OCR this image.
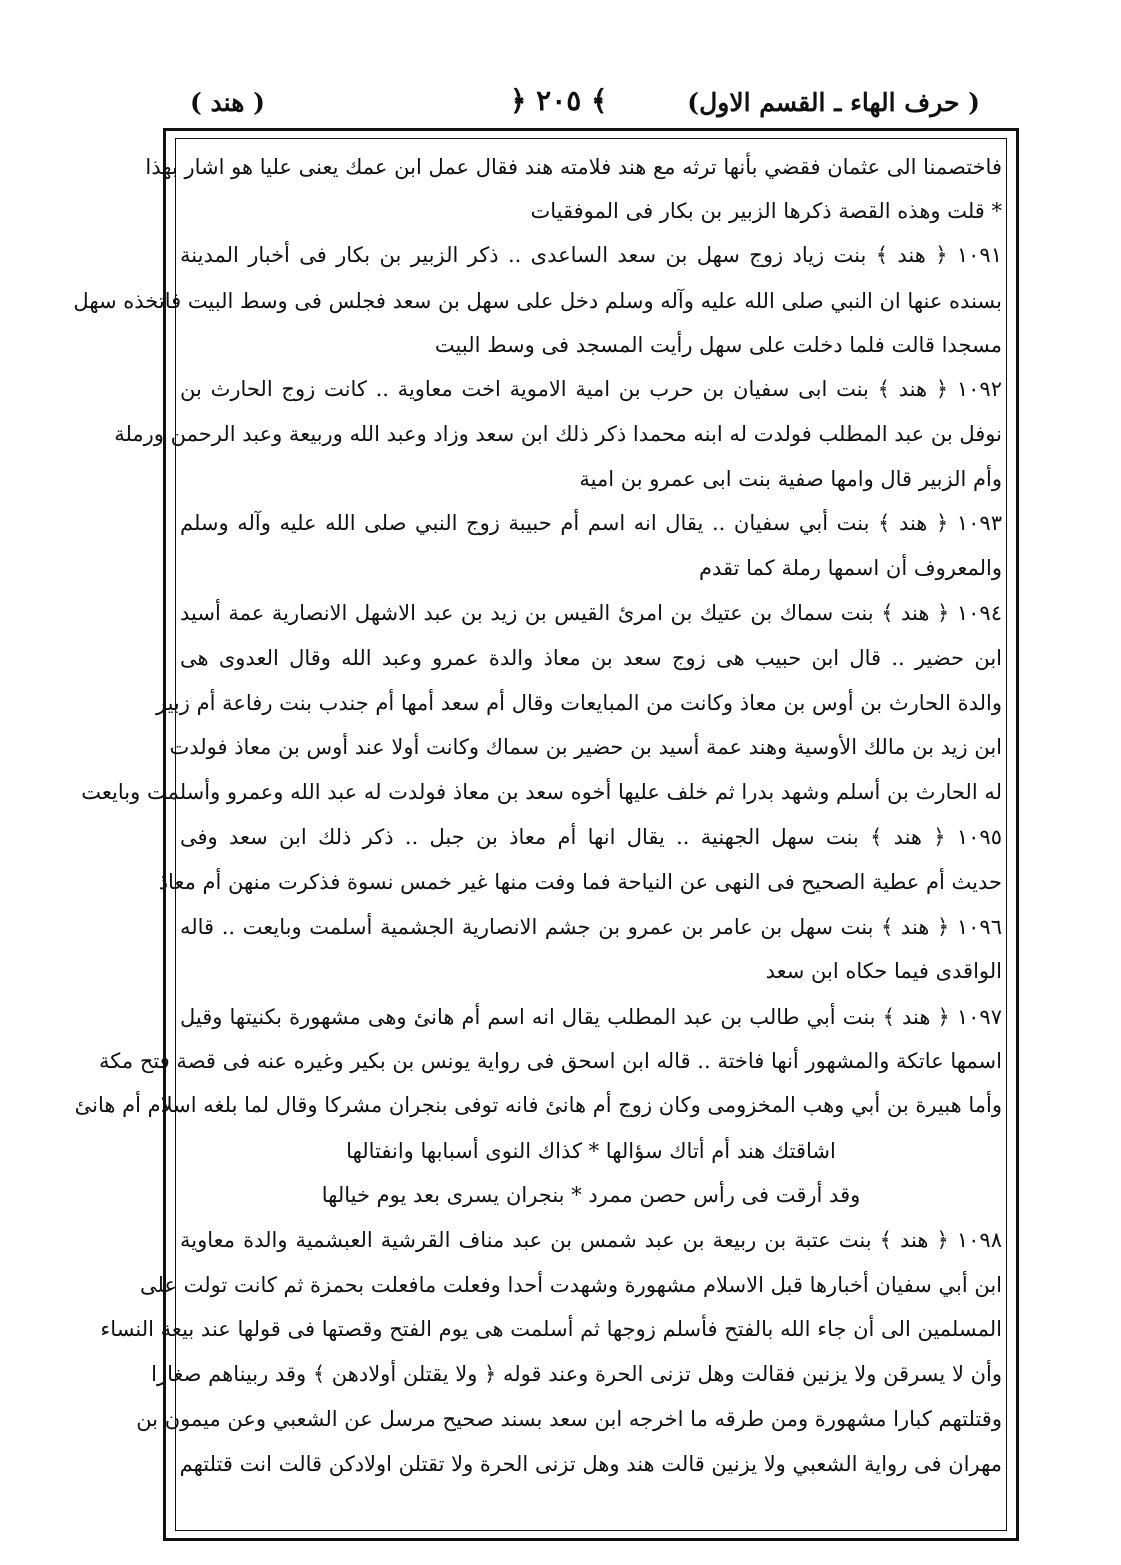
( هند )	﴿ ٢٠٥ ﴾	(حرف الهاء ـ القسم الاول )
فاختصمنا الى عثمان فقضي بأنها ترثه مع هند فلامته هند فقال عمل ابن عمك يعنى عليا هو اشار بهذا
* قلت وهذه القصة ذكرها الزبير بن بكار فى الموفقيات
١٠٩١ ﴿ هند ﴾ بنت زياد زوج سهل بن سعد الساعدى .. ذكر الزبير بن بكار فى أخبار المدينة
بسنده عنها ان النبي صلى الله عليه وآله وسلم دخل على سهل بن سعد فجلس فى وسط البيت فاتخذه سهل
مسجدا قالت فلما دخلت على سهل رأيت المسجد فى وسط البيت
١٠٩٢ ﴿ هند ﴾ بنت ابى سفيان بن حرب بن امية الاموية اخت معاوية .. كانت زوج الحارث بن
نوفل بن عبد المطلب فولدت له ابنه محمدا ذكر ذلك ابن سعد وزاد وعبد الله وربيعة وعبد الرحمن ورملة
وأم الزبير قال وامها صفية بنت ابى عمرو بن امية
١٠٩٣ ﴿ هند ﴾ بنت أبي سفيان .. يقال انه اسم أم حبيبة زوج النبي صلى الله عليه وآله وسلم
والمعروف أن اسمها رملة كما تقدم
١٠٩٤ ﴿ هند ﴾ بنت سماك بن عتيك بن امرئ القيس بن زيد بن عبد الاشهل الانصارية عمة أسيد
ابن حضير .. قال ابن حبيب هى زوج سعد بن معاذ والدة عمرو وعبد الله وقال العدوى هى
والدة الحارث بن أوس بن معاذ وكانت من المبايعات وقال أم سعد أمها أم جندب بنت رفاعة أم زبير
ابن زيد بن مالك الأوسية وهند عمة أسيد بن حضير بن سماك وكانت أولا عند أوس بن معاذ فولدت
له الحارث بن أسلم وشهد بدرا ثم خلف عليها أخوه سعد بن معاذ فولدت له عبد الله وعمرو وأسلمت وبايعت
١٠٩٥ ﴿ هند ﴾ بنت سهل الجهنية .. يقال انها أم معاذ بن جبل .. ذكر ذلك ابن سعد وفى
حديث أم عطية الصحيح فى النهى عن النياحة فما وفت منها غير خمس نسوة فذكرت منهن أم معاذ
١٠٩٦ ﴿ هند ﴾ بنت سهل بن عامر بن عمرو بن جشم الانصارية الجشمية أسلمت وبايعت .. قاله
الواقدى فيما حكاه ابن سعد
١٠٩٧ ﴿ هند ﴾ بنت أبي طالب بن عبد المطلب يقال انه اسم أم هانئ وهى مشهورة بكنيتها وقيل
اسمها عاتكة والمشهور أنها فاختة .. قاله ابن اسحق فى رواية يونس بن بكير وغيره عنه فى قصة فتح مكة
وأما هبيرة بن أبي وهب المخزومى وكان زوج أم هانئ فانه توفى بنجران مشركا وقال لما بلغه اسلام أم هانئ
اشاقتك هند أم أتاك سؤالها * كذاك النوى أسبابها وانفتالها
وقد أرقت فى رأس حصن ممرد * بنجران يسرى بعد يوم خيالها
١٠٩٨ ﴿ هند ﴾ بنت عتبة بن ربيعة بن عبد شمس بن عبد مناف القرشية العبشمية والدة معاوية
ابن أبي سفيان أخبارها قبل الاسلام مشهورة وشهدت أحدا وفعلت مافعلت بحمزة ثم كانت تولت على
المسلمين الى أن جاء الله بالفتح فأسلم زوجها ثم أسلمت هى يوم الفتح وقصتها فى قولها عند بيعة النساء
وأن لا يسرقن ولا يزنين فقالت وهل تزنى الحرة وعند قوله ﴿ ولا يقتلن أولادهن ﴾ وقد ربيناهم صغارا
وقتلتهم كبارا مشهورة ومن طرقه ما اخرجه ابن سعد بسند صحيح مرسل عن الشعبي وعن ميمون بن
مهران فى رواية الشعبي ولا يزنين قالت هند وهل تزنى الحرة ولا تقتلن اولادكن قالت انت قتلتهم
